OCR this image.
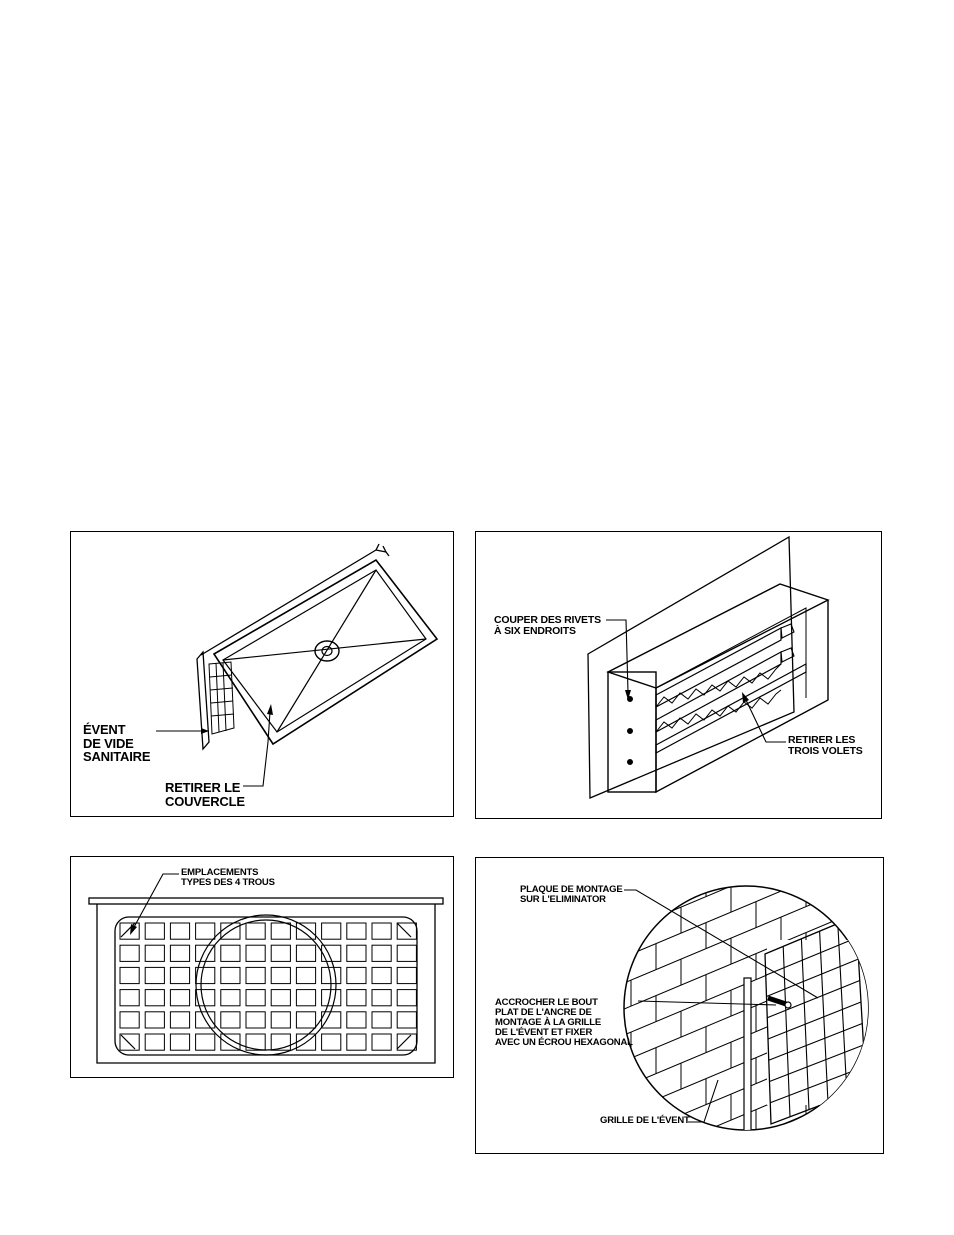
ÉVENT
DE VIDE
SANITAIRE
RETIRER LE
COUVERCLE
COUPER DES RIVETS
À SIX ENDROITS
RETIRER LES
TROIS VOLETS
EMPLACEMENTS
TYPES DES 4 TROUS
PLAQUE DE MONTAGE
SUR L'ELIMINATOR
ACCROCHER LE BOUT
PLAT DE L'ANCRE DE
MONTAGE À LA GRILLE
DE L'ÉVENT ET FIXER
AVEC UN ÉCROU HEXAGONAL
GRILLE DE L'ÉVENT
